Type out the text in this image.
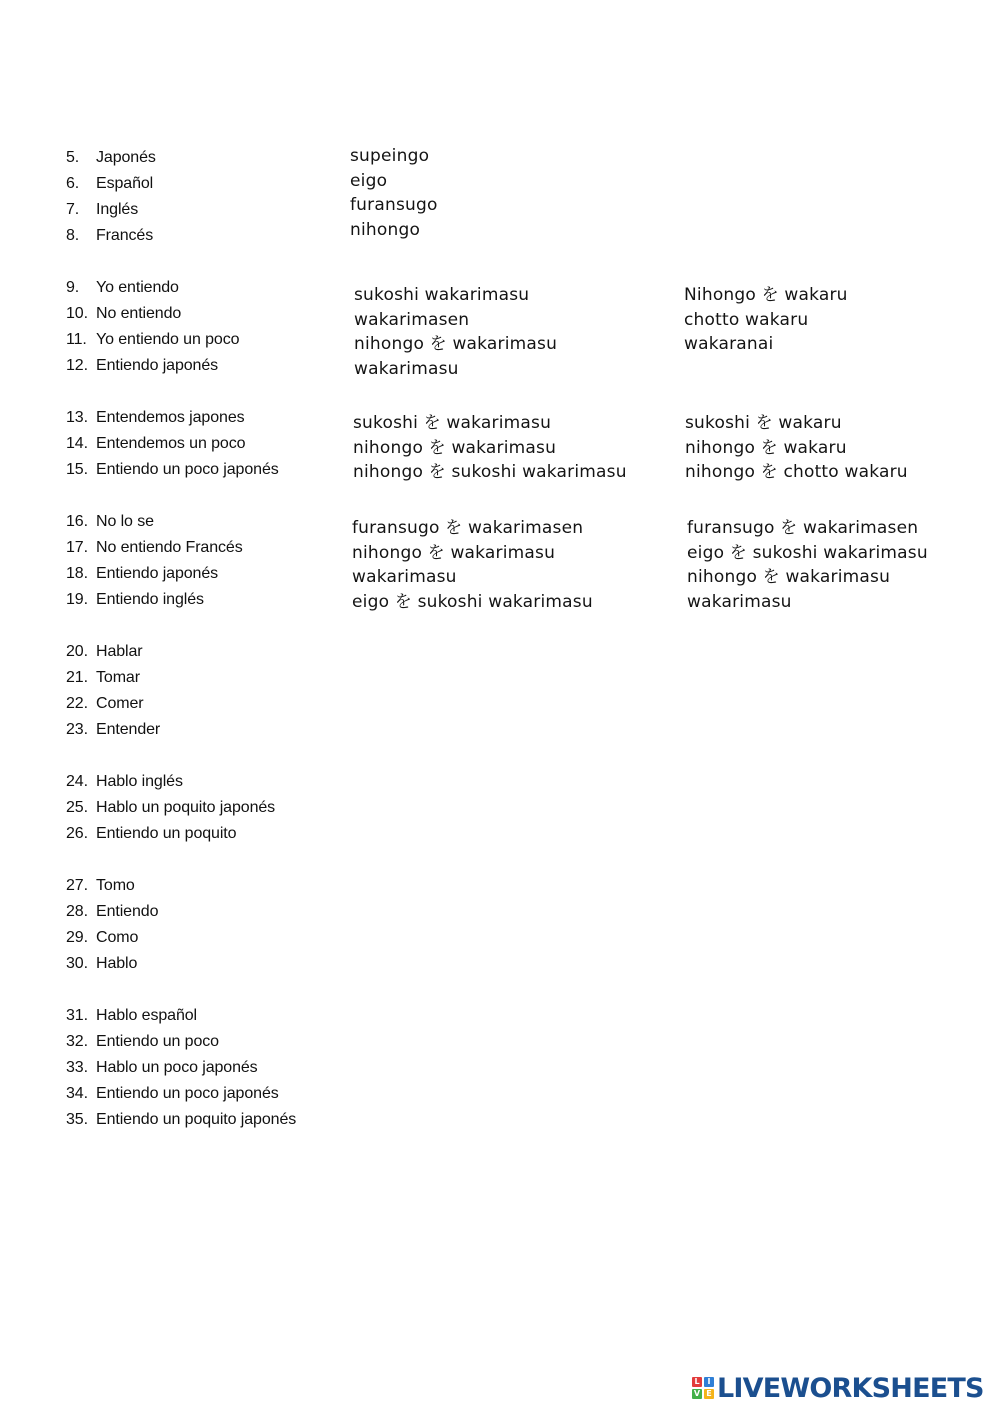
5. Japonés
6. Español
7. Inglés
8. Francés
9. Yo entiendo
10. No entiendo
11. Yo entiendo un poco
12. Entiendo japonés
13. Entendemos japones
14. Entendemos un poco
15. Entiendo un poco japonés
16. No lo se
17. No entiendo Francés
18. Entiendo japonés
19. Entiendo inglés
20. Hablar
21. Tomar
22. Comer
23. Entender
24. Hablo inglés
25. Hablo un poquito japonés
26. Entiendo un poquito
27. Tomo
28. Entiendo
29. Como
30. Hablo
31. Hablo español
32. Entiendo un poco
33. Hablo un poco japonés
34. Entiendo un poco japonés
35. Entiendo un poquito japonés
supeingo
eigo
furansugo
nihongo
sukoshi wakarimasu
wakarimasen
nihongo を wakarimasu
wakarimasu
Nihongo を wakaru
chotto wakaru
wakaranai
sukoshi を wakarimasu
nihongo を wakarimasu
nihongo を sukoshi wakarimasu
sukoshi を wakaru
nihongo を wakaru
nihongo を chotto wakaru
furansugo を wakarimasen
nihongo を wakarimasu
wakarimasu
eigo を sukoshi wakarimasu
furansugo を wakarimasen
eigo を sukoshi wakarimasu
nihongo を wakarimasu
wakarimasu
L I
V E LIVEWORKSHEETS
